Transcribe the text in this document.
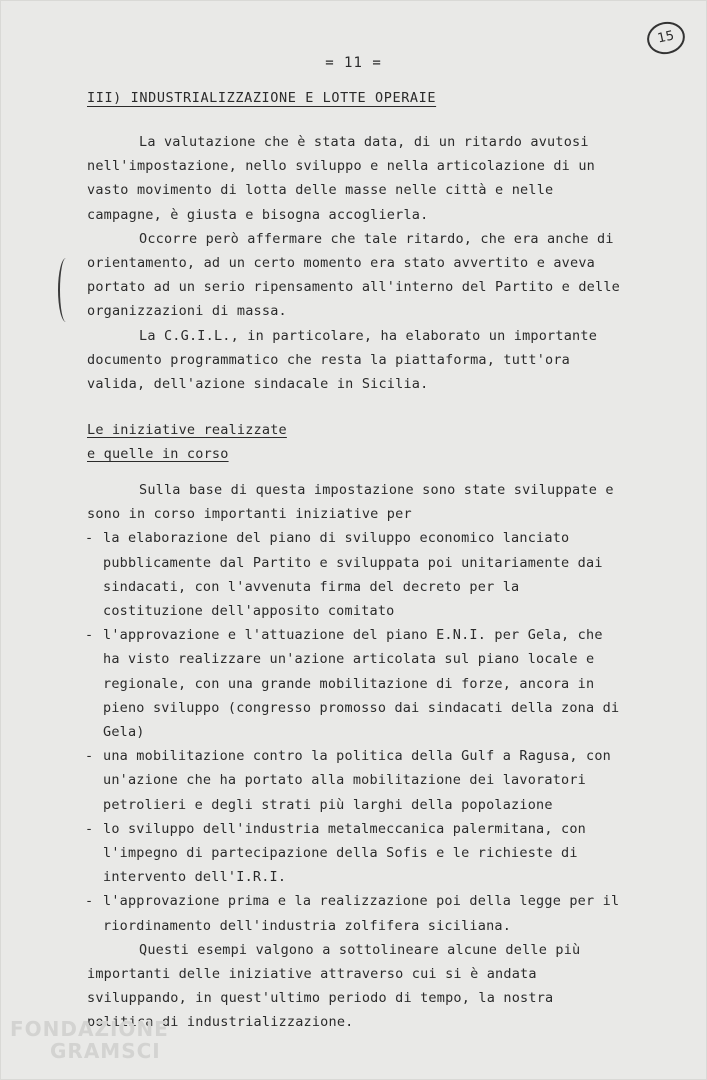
= 11 =
15
III) INDUSTRIALIZZAZIONE E LOTTE OPERAIE

La valutazione che è stata data, di un ritardo avutosi nell'impostazione, nello sviluppo e nella articolazione di un vasto movimento di lotta delle masse nelle città e nelle campagne, è giusta e bisogna accoglierla.

Occorre però affermare che tale ritardo, che era anche di orientamento, ad un certo momento era stato avvertito e aveva portato ad un serio ripensamento all'interno del Partito e delle organizzazioni di massa.

La C.G.I.L., in particolare, ha elaborato un importante documento programmatico che resta la piattaforma, tutt'ora valida, dell'azione sindacale in Sicilia.

Le iniziative realizzate
e quelle in corso

Sulla base di questa impostazione sono state sviluppate e sono in corso importanti iniziative per

- la elaborazione del piano di sviluppo economico lanciato pubblicamente dal Partito e sviluppata poi unitariamente dai sindacati, con l'avvenuta firma del decreto per la costituzione dell'apposito comitato
- l'approvazione e l'attuazione del piano E.N.I. per Gela, che ha visto realizzare un'azione articolata sul piano locale e regionale, con una grande mobilitazione di forze, ancora in pieno sviluppo (congresso promosso dai sindacati della zona di Gela)
- una mobilitazione contro la politica della Gulf a Ragusa, con un'azione che ha portato alla mobilitazione dei lavoratori petrolieri e degli strati più larghi della popolazione
- lo sviluppo dell'industria metalmeccanica palermitana, con l'impegno di partecipazione della Sofis e le richieste di intervento dell'I.R.I.
- l'approvazione prima e la realizzazione poi della legge per il riordinamento dell'industria zolfifera siciliana.

Questi esempi valgono a sottolineare alcune delle più importanti delle iniziative attraverso cui si è andata sviluppando, in quest'ultimo periodo di tempo, la nostra politica di industrializzazione.

FONDAZIONE
GRAMSCI
